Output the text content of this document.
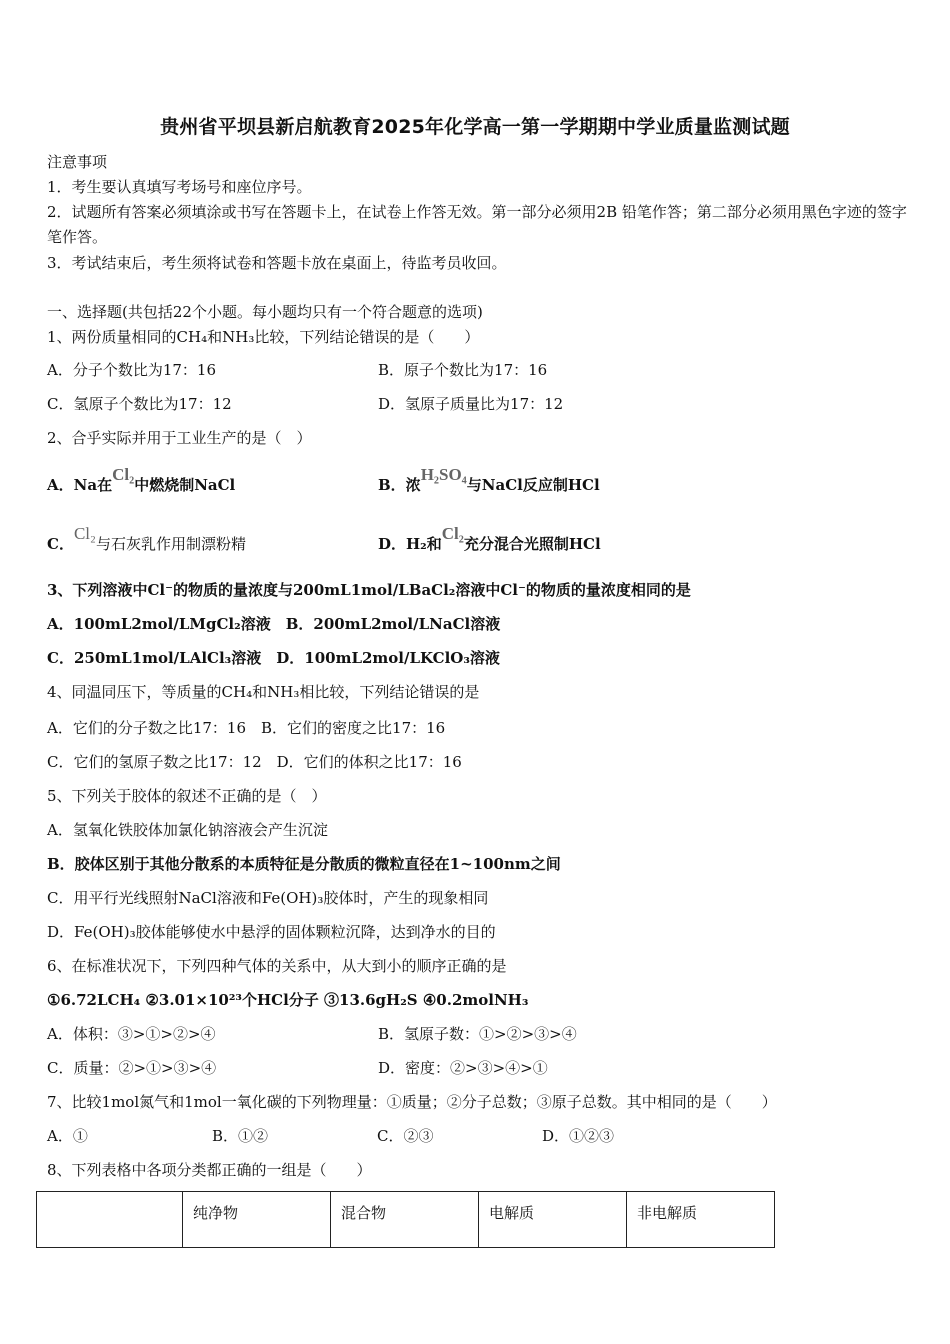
贵州省平坝县新启航教育2025年化学高一第一学期期中学业质量监测试题
注意事项
1．考生要认真填写考场号和座位序号。
2．试题所有答案必须填涂或书写在答题卡上，在试卷上作答无效。第一部分必须用2B 铅笔作答；第二部分必须用黑色字迹的签字笔作答。
3．考试结束后，考生须将试卷和答题卡放在桌面上，待监考员收回。
一、选择题(共包括22个小题。每小题均只有一个符合题意的选项)
1、两份质量相同的CH₄和NH₃比较，下列结论错误的是（　　）
A．分子个数比为17：16	B．原子个数比为17：16
C．氢原子个数比为17：12	D．氢原子质量比为17：12
2、合乎实际并用于工业生产的是（　）
A．Na在Cl₂中燃烧制NaCl	B．浓H₂SO₄与NaCl反应制HCl
C．Cl₂与石灰乳作用制漂粉精	D．H₂和Cl₂充分混合光照制HCl
3、下列溶液中Cl⁻的物质的量浓度与200mL1mol/LBaCl₂溶液中Cl⁻的物质的量浓度相同的是
A．100mL2mol/LMgCl₂溶液　B．200mL2mol/LNaCl溶液
C．250mL1mol/LAlCl₃溶液　D．100mL2mol/LKClO₃溶液
4、同温同压下，等质量的CH₄和NH₃相比较，下列结论错误的是
A．它们的分子数之比17：16　B．它们的密度之比17：16
C．它们的氢原子数之比17：12　D．它们的体积之比17：16
5、下列关于胶体的叙述不正确的是（　）
A．氢氧化铁胶体加氯化钠溶液会产生沉淀
B．胶体区别于其他分散系的本质特征是分散质的微粒直径在1~100nm之间
C．用平行光线照射NaCl溶液和Fe(OH)₃胶体时，产生的现象相同
D．Fe(OH)₃胶体能够使水中悬浮的固体颗粒沉降，达到净水的目的
6、在标准状况下，下列四种气体的关系中，从大到小的顺序正确的是
①6.72LCH₄ ②3.01×10²³个HCl分子 ③13.6gH₂S ④0.2molNH₃
A．体积：③>①>②>④	B．氢原子数：①>②>③>④
C．质量：②>①>③>④	D．密度：②>③>④>①
7、比较1mol氮气和1mol一氧化碳的下列物理量：①质量；②分子总数；③原子总数。其中相同的是（　　）
A．①	B．①②	C．②③	D．①②③
8、下列表格中各项分类都正确的一组是（　　）
	纯净物	混合物	电解质	非电解质
